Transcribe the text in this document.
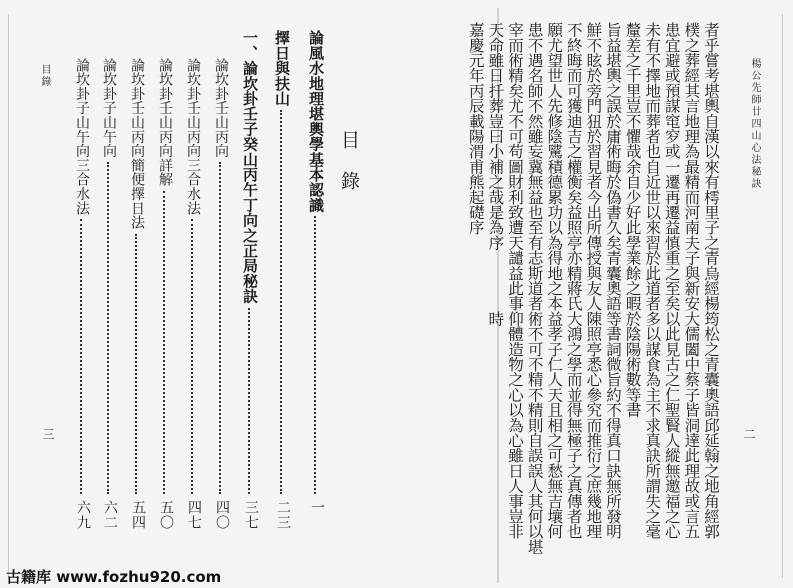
目錄
三
目錄
論風水地理堪輿學基本認識
一
擇日與扶山
二三
一、論坎卦壬子癸山丙午丁向之正局秘訣
三七
論坎卦壬山丙向
四〇
論坎卦壬山丙向三合水法
四七
論坎卦壬山丙向詳解
五〇
論坎卦壬山丙向簡便擇日法
五四
論坎卦子山午向
六二
論坎卦子山午向三合水法
六九
楊公先師廿四山心法秘訣
二
者乎嘗考堪輿自漢以來有樗里子之青烏經楊筠松之青囊奧語邱延翰之地角經郭
樸之葬經其言地理為最精而河南夫子與新安大儒闔中蔡子皆洞達此理故或言五
患宜避或預謀窀穸或一遷再遷益慎重之至矣以此見古之仁聖賢人縱無邀福之心
未有不擇地而葬者也自近世以來習於此道者多以謀食為主不求真訣所謂失之毫
釐差之千里豈不懼哉余自少好此學業餘之暇於陰陽術數等書
旨益堪輿之誤於庸術晦於偽書久矣青囊奧語等書詞微旨約不得真口訣無所發明
鮮不眩於旁門狃於習見者今出所傳授與友人陳照亭悉心參究而推衍之庶幾地理
不終晦而可獲迪吉之權衡矣益照亭亦精蔣氏大鴻之學而並得無極子之真傳者也
願尤望世人先修陰騭積德累功以為得地之本益孝子仁人天且相之可愁無吉壤何
患不遇名師不然雖妄冀無益也至有志斯道者術不可不精不精則自誤誤人其何以堪
宰而術精矣尤不可苟圖財利致遭天譴益此事仰體造物之心以為心雖日人事豈非
天命雖日扦葬豈曰小補之哉是為序　　　　時
嘉慶元年丙辰載陽渭甫熊起礎序
古籍库 www.fozhu920.com
